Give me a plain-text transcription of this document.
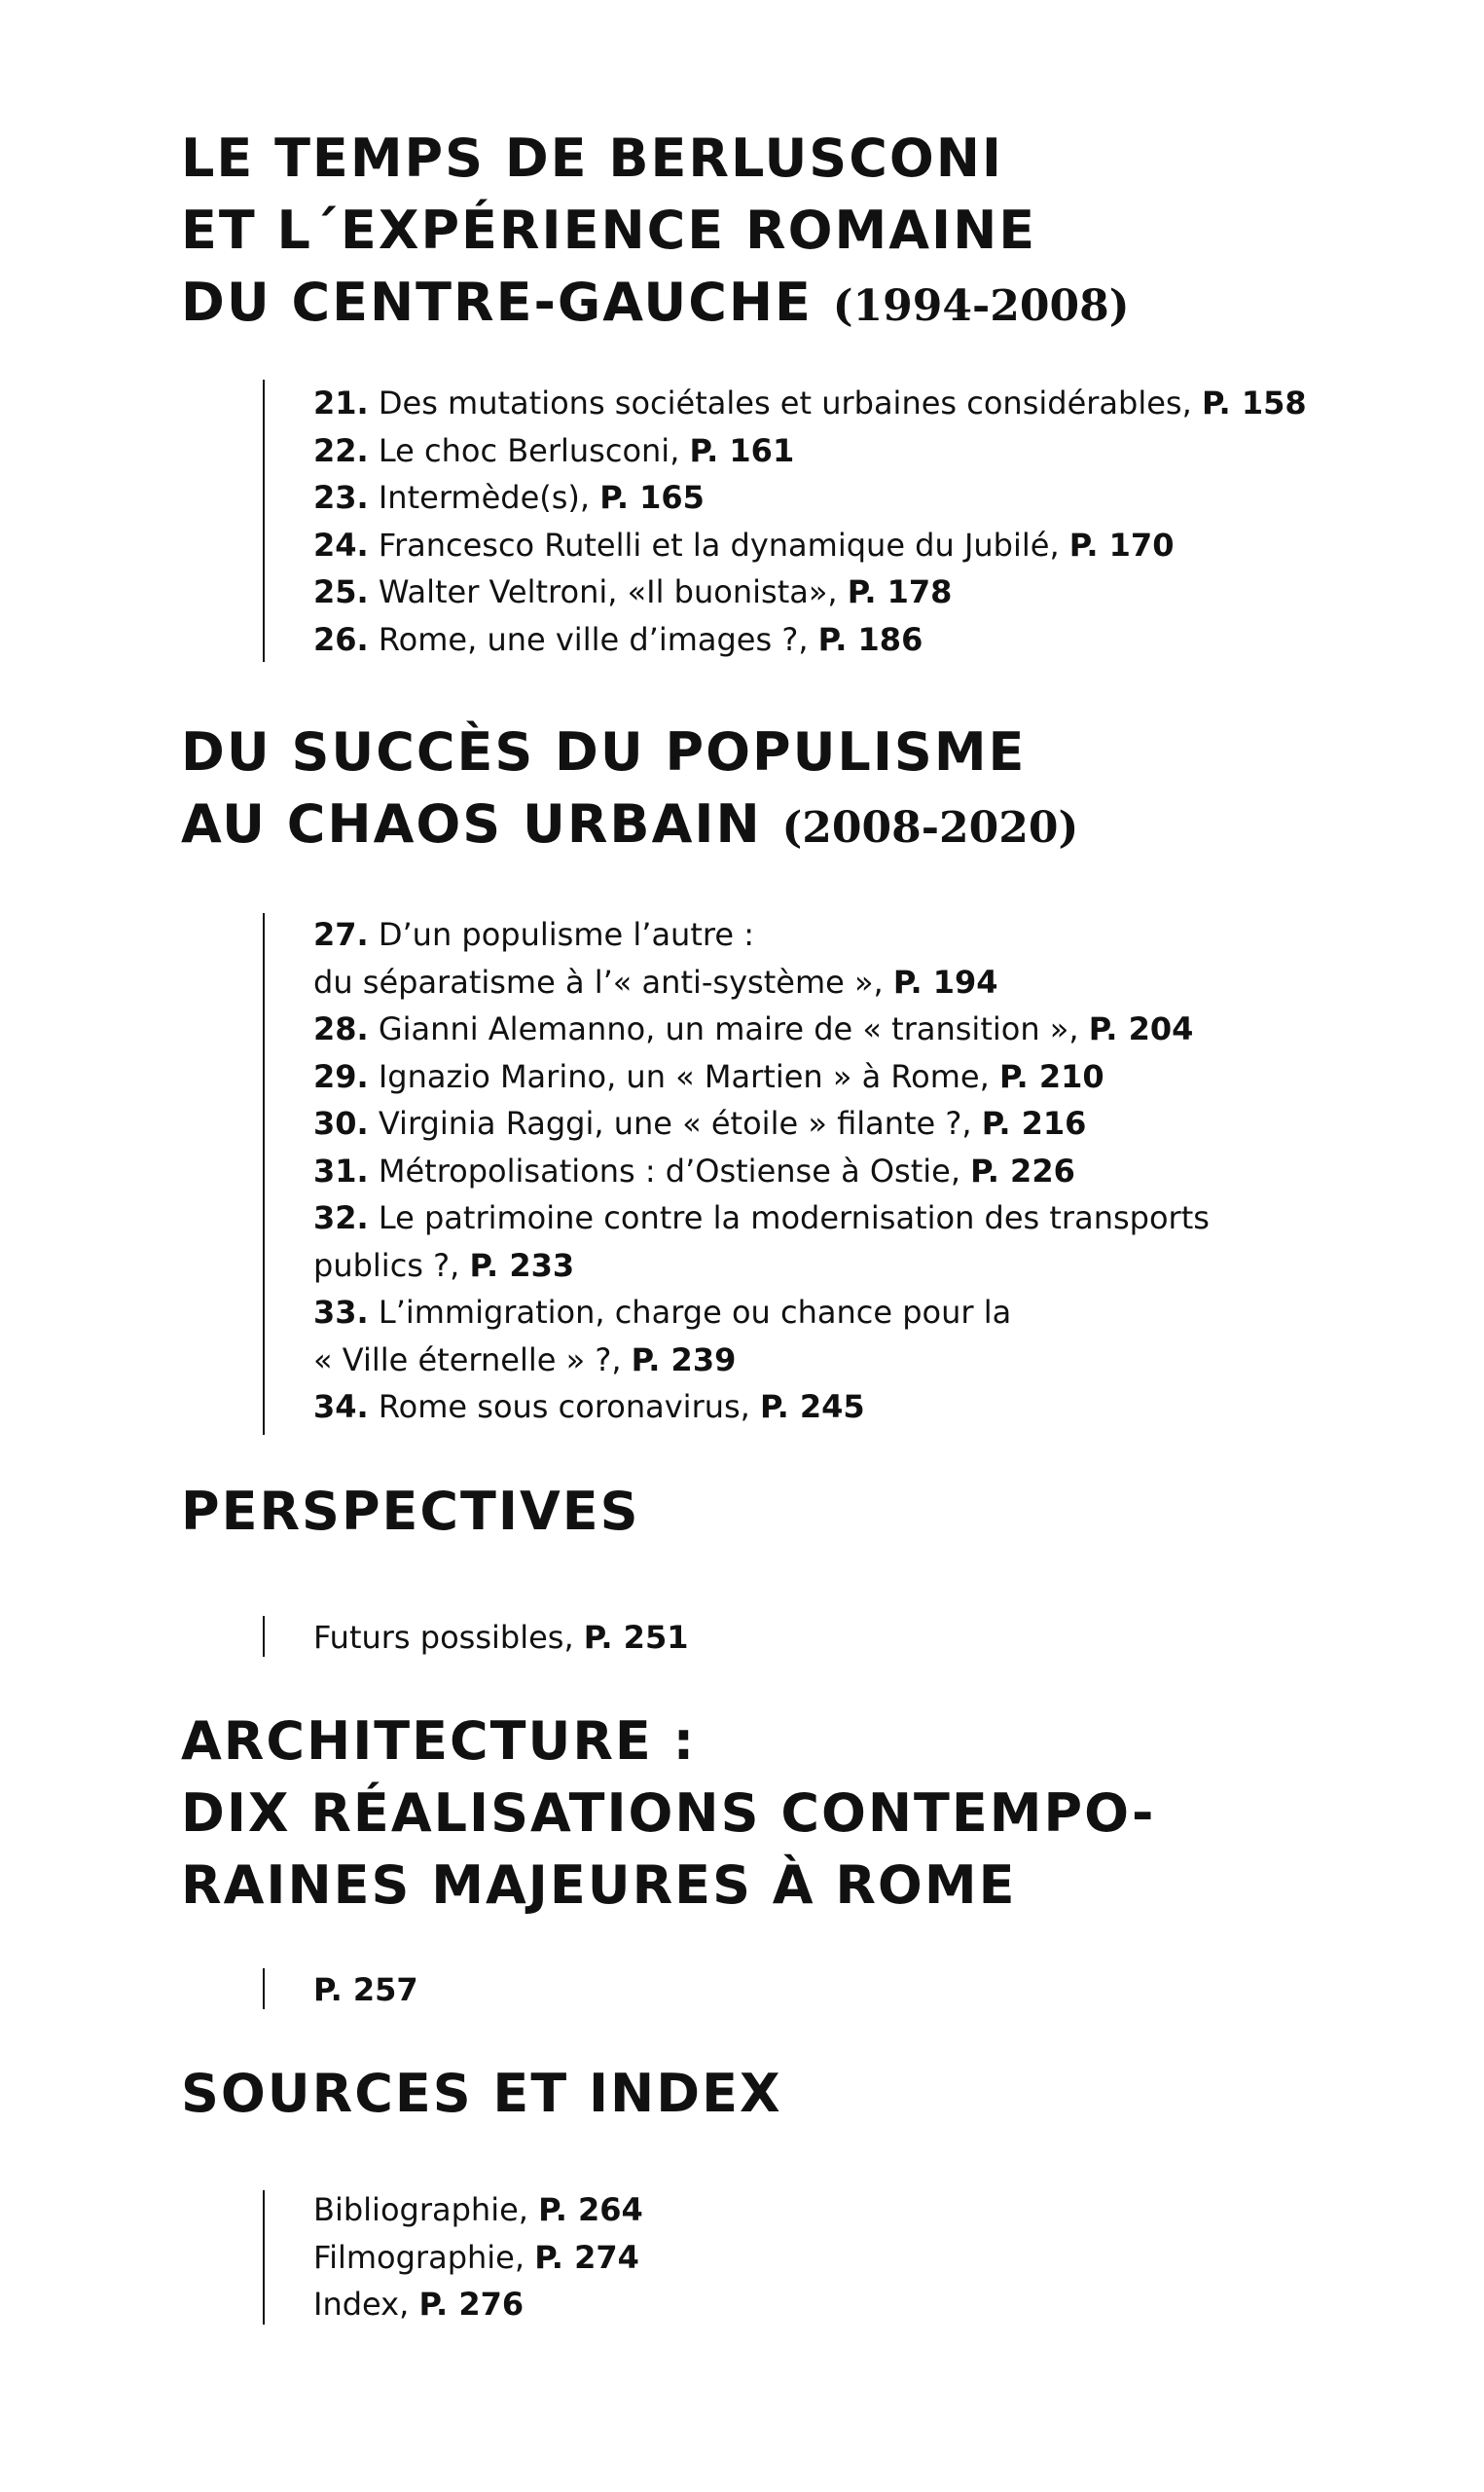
LE TEMPS DE BERLUSCONI
ET L´EXPÉRIENCE ROMAINE
DU CENTRE-GAUCHE (1994-2008)
21. Des mutations sociétales et urbaines considérables, P. 158
22. Le choc Berlusconi, P. 161
23. Intermède(s), P. 165
24. Francesco Rutelli et la dynamique du Jubilé, P. 170
25. Walter Veltroni, «Il buonista», P. 178
26. Rome, une ville d’images ?, P. 186
DU SUCCÈS DU POPULISME
AU CHAOS URBAIN (2008-2020)
27. D’un populisme l’autre :
du séparatisme à l’« anti-système », P. 194
28. Gianni Alemanno, un maire de « transition », P. 204
29. Ignazio Marino, un « Martien » à Rome, P. 210
30. Virginia Raggi, une « étoile » filante ?, P. 216
31. Métropolisations : d’Ostiense à Ostie, P. 226
32. Le patrimoine contre la modernisation des transports
publics ?, P. 233
33. L’immigration, charge ou chance pour la
« Ville éternelle » ?, P. 239
34. Rome sous coronavirus, P. 245
PERSPECTIVES
Futurs possibles, P. 251
ARCHITECTURE :
DIX RÉALISATIONS CONTEMPO-
RAINES MAJEURES À ROME
P. 257
SOURCES ET INDEX
Bibliographie, P. 264
Filmographie, P. 274
Index, P. 276
